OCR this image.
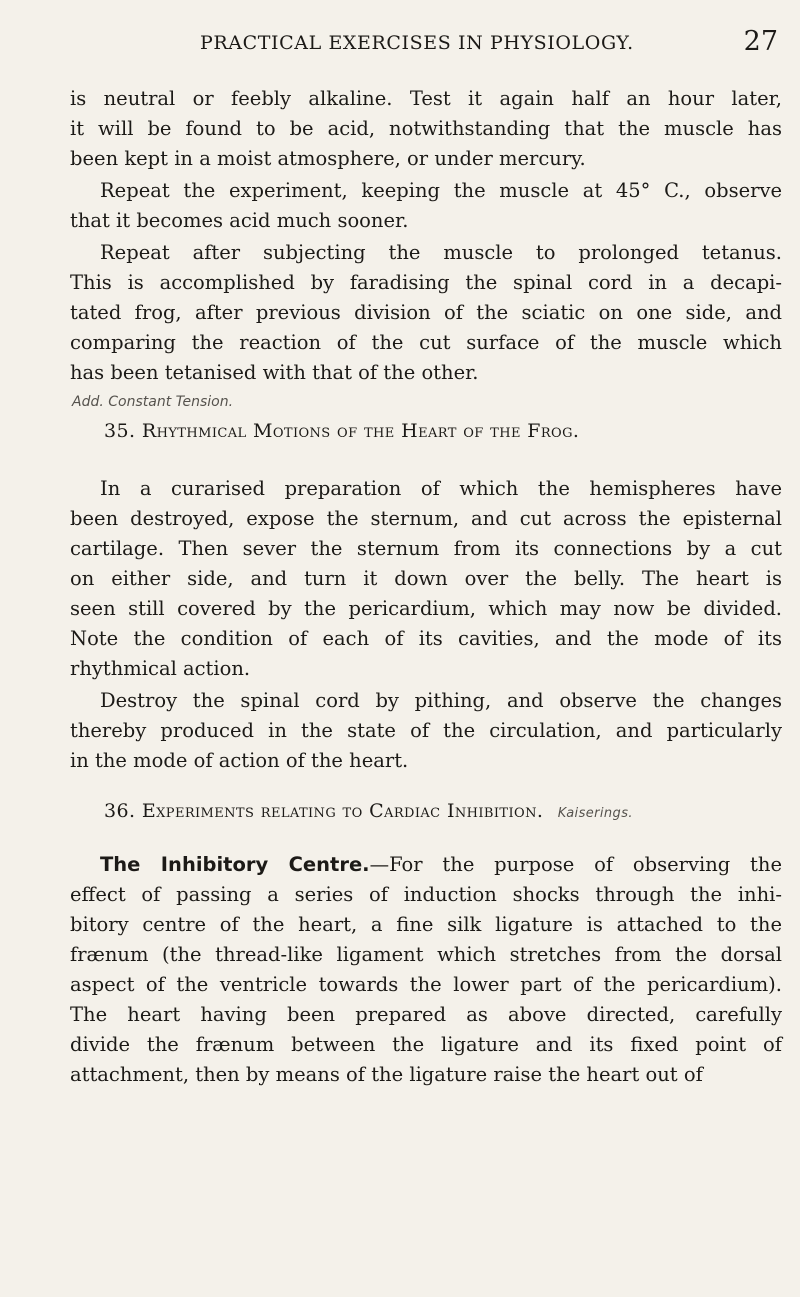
PRACTICAL EXERCISES IN PHYSIOLOGY.	27
is neutral or feebly alkaline. Test it again half an hour later,
it will be found to be acid, notwithstanding that the muscle has
been kept in a moist atmosphere, or under mercury.
Repeat the experiment, keeping the muscle at 45° C., observe
that it becomes acid much sooner.
Repeat after subjecting the muscle to prolonged tetanus.
This is accomplished by faradising the spinal cord in a decapi-
tated frog, after previous division of the sciatic on one side, and
comparing the reaction of the cut surface of the muscle which
has been tetanised with that of the other.
Add. Constant Tension.
35. Rhythmical Motions of the Heart of the Frog.
In a curarised preparation of which the hemispheres have
been destroyed, expose the sternum, and cut across the episternal
cartilage. Then sever the sternum from its connections by a cut
on either side, and turn it down over the belly. The heart is
seen still covered by the pericardium, which may now be divided.
Note the condition of each of its cavities, and the mode of its
rhythmical action.
Destroy the spinal cord by pithing, and observe the changes
thereby produced in the state of the circulation, and particularly
in the mode of action of the heart.
36. Experiments relating to Cardiac Inhibition. Kaiserings.
The Inhibitory Centre.—For the purpose of observing the
effect of passing a series of induction shocks through the inhi-
bitory centre of the heart, a fine silk ligature is attached to the
frænum (the thread-like ligament which stretches from the dorsal
aspect of the ventricle towards the lower part of the pericardium).
The heart having been prepared as above directed, carefully
divide the frænum between the ligature and its fixed point of
attachment, then by means of the ligature raise the heart out of
